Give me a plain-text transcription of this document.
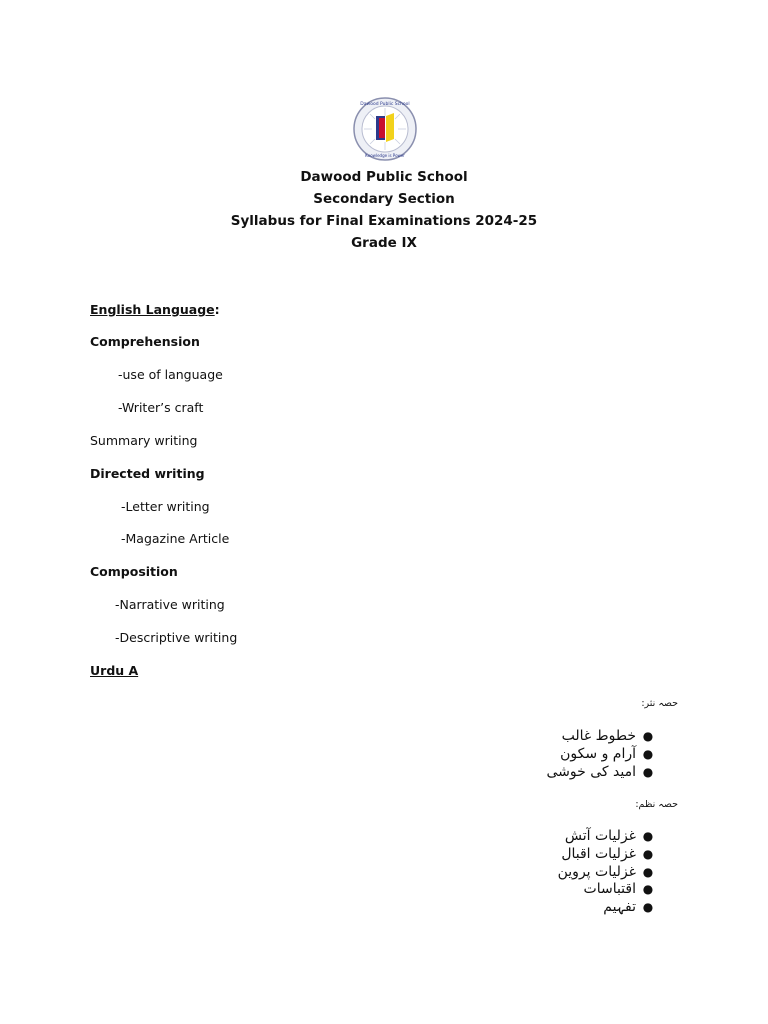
Dawood Public School
Knowledge is Power
Dawood Public School
Secondary Section
Syllabus for Final Examinations 2024-25
Grade IX
English Language:
Comprehension
-use of language
-Writer’s craft
Summary writing
Directed writing
-Letter writing
-Magazine Article
Composition
-Narrative writing
-Descriptive writing
Urdu A
حصہ نثر:
●خطوط غالب
●آرام و سکون
●امید کی خوشی
حصہ نظم:
●غزلیات آتش
●غزلیات اقبال
●غزلیات پروین
●اقتباسات
●تفہیم
